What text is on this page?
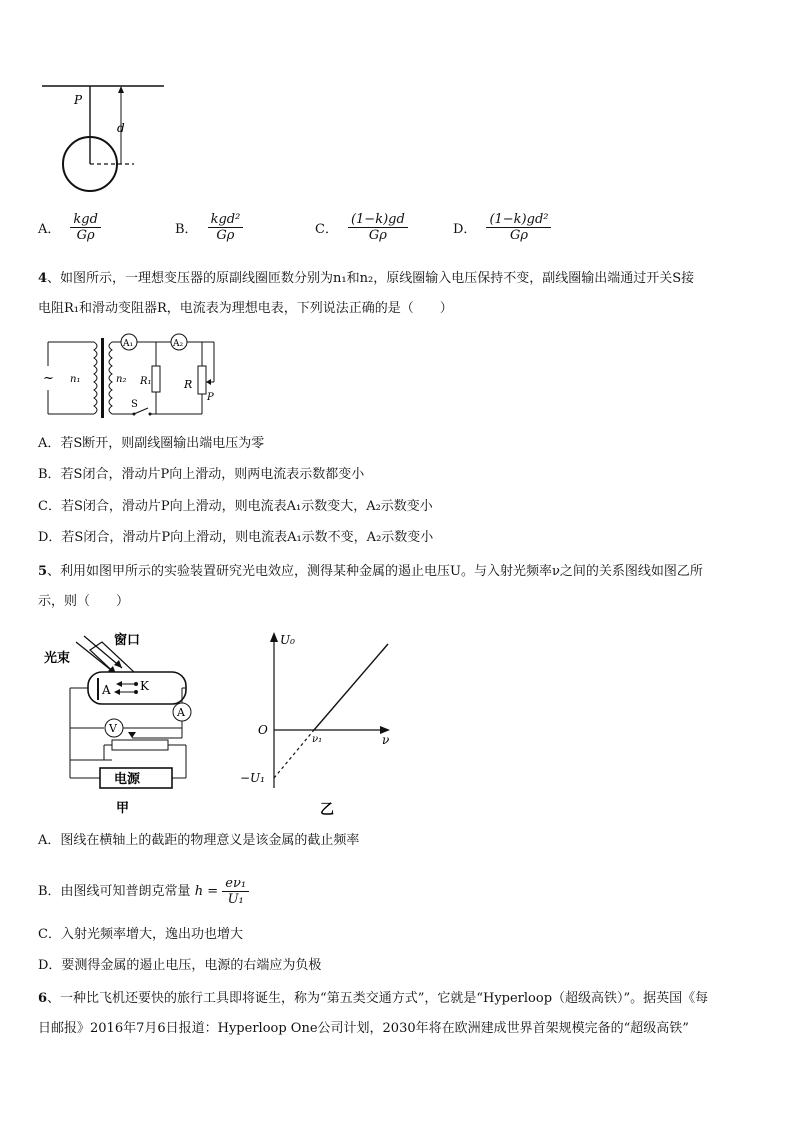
P
d
A． $\frac{\text{kgd}}{G\rho}$	B． $\frac{\text{kgd²}}{G\rho}$	C． $\frac{(1-k)gd}{G\rho}$	D． $\frac{\text{(1−k)gd²}}{G\rho}$
4、如图所示，一理想变压器的原副线圈匝数分别为n₁和n₂，原线圈输入电压保持不变，副线圈输出端通过开关S接
电阻R₁和滑动变阻器R，电流表为理想电表，下列说法正确的是（　　）
~ n₁	n₂
A₁	A₂
R₁	R
P
S
A．若S断开，则副线圈输出端电压为零
B．若S闭合，滑动片P向上滑动，则两电流表示数都变小
C．若S闭合，滑动片P向上滑动，则电流表A₁示数变大，A₂示数变小
D．若S闭合，滑动片P向上滑动，则电流表A₁示数不变，A₂示数变小
5、利用如图甲所示的实验装置研究光电效应，测得某种金属的遏止电压U。与入射光频率ν之间的关系图线如图乙所
示，则（　　）
光束
窗口
A K
A
V
电源
甲
U₀
O
ν
ν₁
−U₁
乙
A．图线在横轴上的截距的物理意义是该金属的截止频率
B．由图线可知普朗克常量 $h = \frac{\text{eν₁}}{\text{U₁}}$
C．入射光频率增大，逸出功也增大
D．要测得金属的遏止电压，电源的右端应为负极
6、一种比飞机还要快的旅行工具即将诞生，称为“第五类交通方式”，它就是“Hyperloop（超级高铁）”。据英国《每
日邮报》2016年7月6日报道：Hyperloop One公司计划，2030年将在欧洲建成世界首架规模完备的“超级高铁”
